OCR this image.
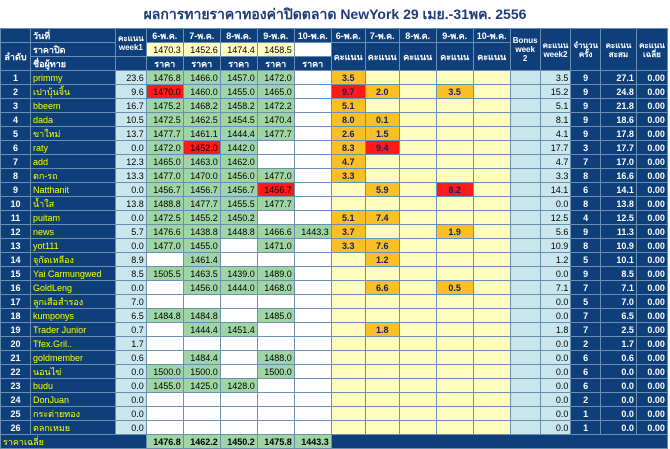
ผลการทายราคาทองค่าปิดตลาด NewYork 29 เมย.-31พค. 2556
	วันที่	คะแนน week1	6-พ.ค.	7-พ.ค.	8-พ.ค.	9-พ.ค.	10-พ.ค.	6-พ.ค.	7-พ.ค.	8-พ.ค.	9-พ.ค.	10-พ.ค.	Bonus week 2	คะแนน week2	จำนวนครั้ง	คะแนนสะสม	คะแนนเฉลี่ย
ลำดับ	ราคาปิด		1470.3	1452.6	1474.4	1458.5		คะแนน	คะแนน	คะแนน	คะแนน	คะแนน					
	ชื่อผู้ทาย		ราคา	ราคา	ราคา	ราคา	ราคา										
1	primmy	23.6	1476.8	1466.0	1457.0	1472.0		3.5						3.5	9	27.1	0.00
2	เปาบุ้นจิ้น	9.6	1470.0	1460.0	1455.0	1465.0		9.7	2.0		3.5			15.2	9	24.8	0.00
3	bbeem	16.7	1475.2	1468.2	1458.2	1472.2		5.1						5.1	9	21.8	0.00
4	dada	10.5	1472.5	1462.5	1454.5	1470.4		8.0	0.1					8.1	9	18.6	0.00
5	ขาใหม่	13.7	1477.7	1461.1	1444.4	1477.7		2.6	1.5					4.1	9	17.8	0.00
6	raty	0.0	1472.0	1452.0	1442.0			8.3	9.4					17.7	3	17.7	0.00
7	add	12.3	1465.0	1463.0	1462.0			4.7						4.7	7	17.0	0.00
8	ตก-รถ	13.3	1477.0	1470.0	1456.0	1477.0		3.3						3.3	8	16.6	0.00
9	Natthanit	0.0	1456.7	1456.7	1456.7	1456.7			5.9		8.2			14.1	6	14.1	0.00
10	น้ำใส	13.8	1488.8	1477.7	1455.5	1477.7								0.0	8	13.8	0.00
11	puitam	0.0	1472.5	1455.2	1450.2			5.1	7.4					12.5	4	12.5	0.00
12	news	5.7	1476.6	1438.8	1448.8	1466.6	1443.3	3.7			1.9			5.6	9	11.3	0.00
13	yot111	0.0	1477.0	1455.0		1471.0		3.3	7.6					10.9	8	10.9	0.00
14	จุกัดเหลือง	8.9		1461.4					1.2					1.2	5	10.1	0.00
15	Yai Carmungwed	8.5	1505.5	1463.5	1439.0	1489.0								0.0	9	8.5	0.00
16	GoldLeng	0.0		1456.0	1444.0	1468.0			6.6		0.5			7.1	7	7.1	0.00
17	ลูกเสือสำรอง	7.0												0.0	5	7.0	0.00
18	kumponys	6.5	1484.8	1484.8		1485.0								0.0	7	6.5	0.00
19	Trader Junior	0.7		1444.4	1451.4				1.8					1.8	7	2.5	0.00
20	Tfex.Gril..	1.7												0.0	2	1.7	0.00
21	goldmember	0.6		1484.4		1488.0								0.0	6	0.6	0.00
22	นอนไข่	0.0	1500.0	1500.0		1500.0								0.0	6	0.0	0.00
23	budu	0.0	1455.0	1425.0	1428.0									0.0	6	0.0	0.00
24	DonJuan	0.0												0.0	2	0.0	0.00
25	กระต่ายทอง	0.0												0.0	1	0.0	0.00
26	ตลกเหมย	0.0												0.0	1	0.0	0.00
ราคาเฉลี่ย			1476.8	1462.2	1450.2	1475.8	1443.3										
